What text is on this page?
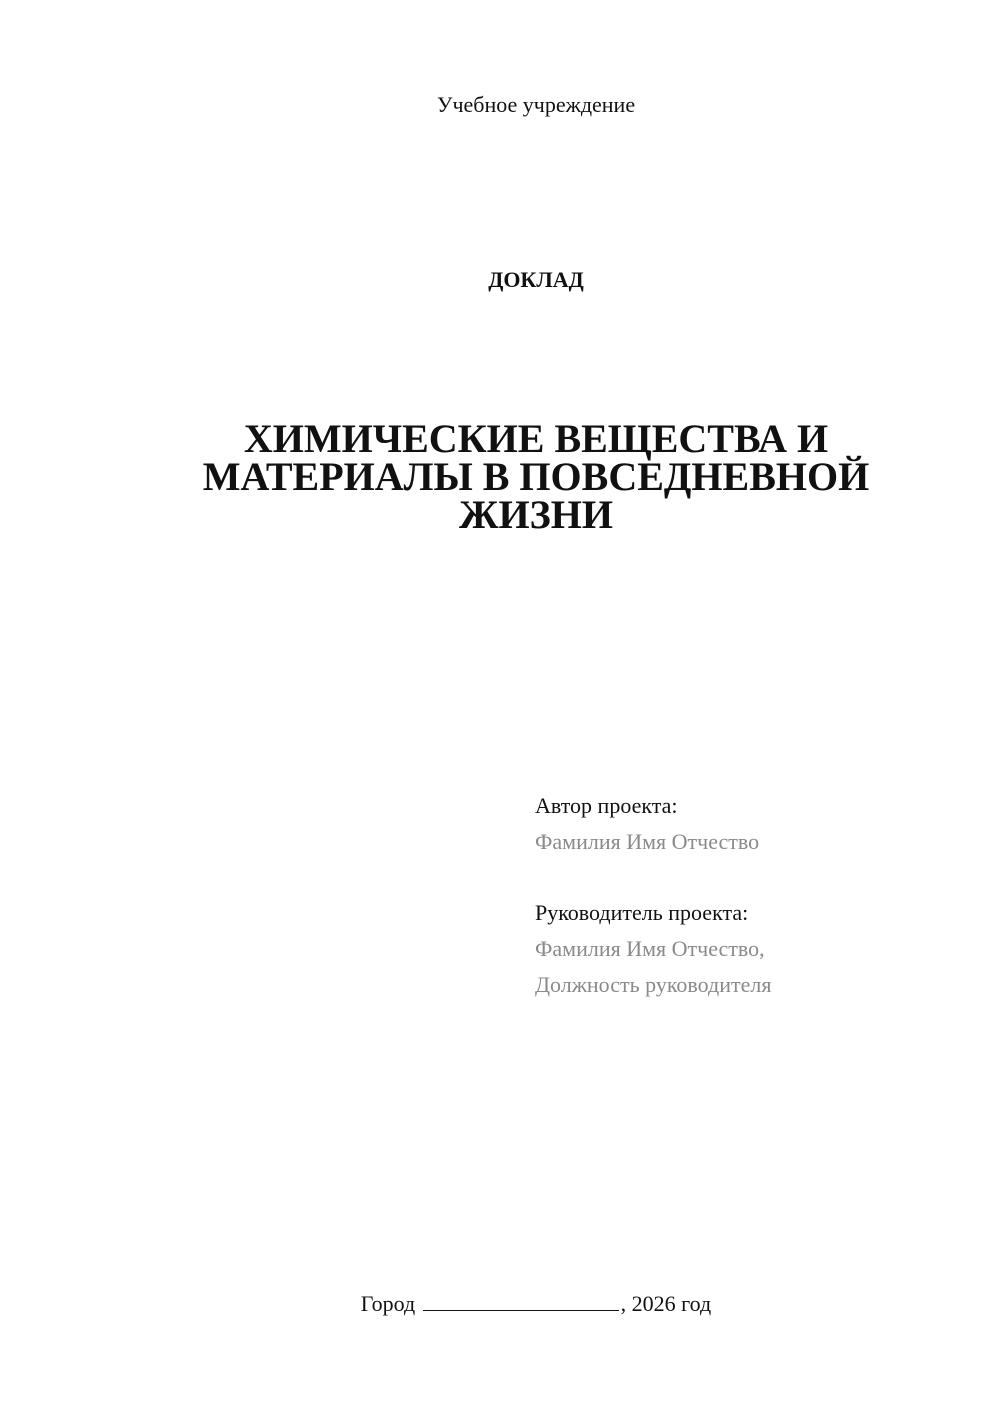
Учебное учреждение
ДОКЛАД
ХИМИЧЕСКИЕ ВЕЩЕСТВА И
МАТЕРИАЛЫ В ПОВСЕДНЕВНОЙ
ЖИЗНИ
Автор проекта:
Фамилия Имя Отчество
Руководитель проекта:
Фамилия Имя Отчество,
Должность руководителя
Город	, 2026 год
